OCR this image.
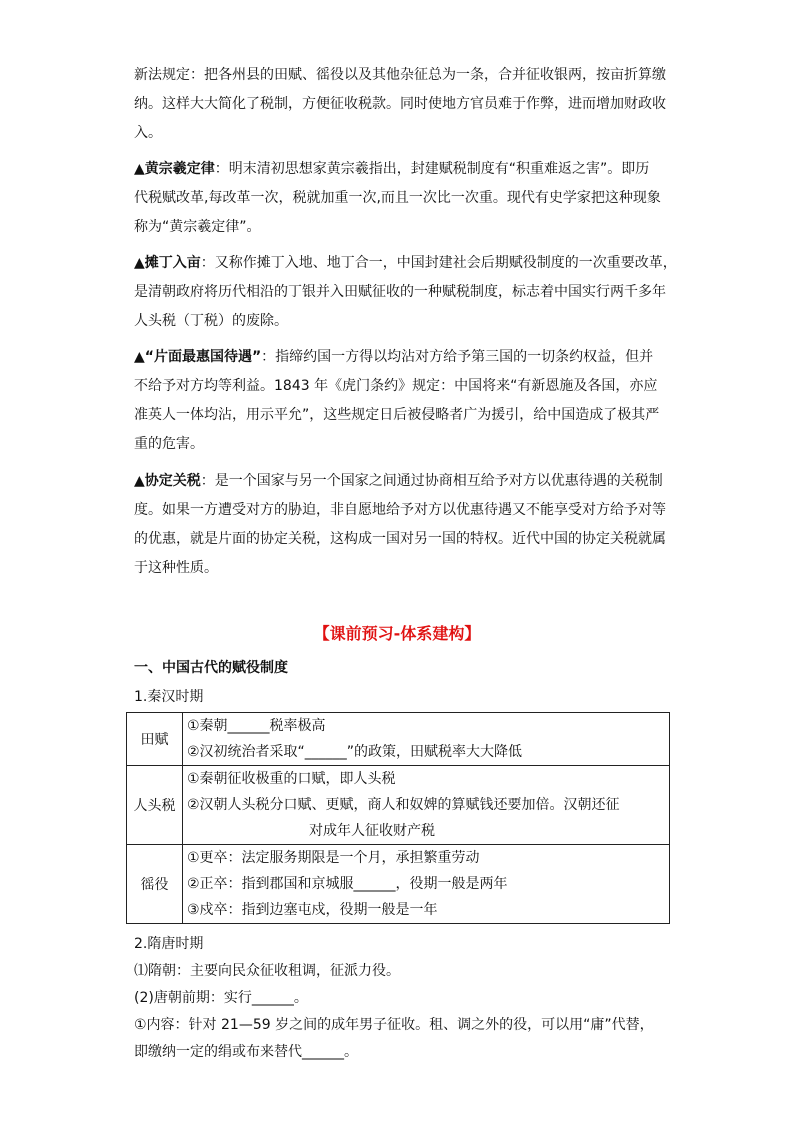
新法规定：把各州县的田赋、徭役以及其他杂征总为一条，合并征收银两，按亩折算缴
纳。这样大大简化了税制，方便征收税款。同时使地方官员难于作弊，进而增加财政收
入。

▲黄宗羲定律：明末清初思想家黄宗羲指出，封建赋税制度有“积重难返之害”。即历
代税赋改革,每改革一次，税就加重一次,而且一次比一次重。现代有史学家把这种现象
称为“黄宗羲定律”。

▲摊丁入亩：又称作摊丁入地、地丁合一，中国封建社会后期赋役制度的一次重要改革，
是清朝政府将历代相沿的丁银并入田赋征收的一种赋税制度，标志着中国实行两千多年
人头税（丁税）的废除。

▲“片面最惠国待遇”：指缔约国一方得以均沾对方给予第三国的一切条约权益，但并
不给予对方均等利益。1843 年《虎门条约》规定：中国将来“有新恩施及各国，亦应
准英人一体均沾，用示平允”，这些规定日后被侵略者广为援引，给中国造成了极其严
重的危害。

▲协定关税：是一个国家与另一个国家之间通过协商相互给予对方以优惠待遇的关税制
度。如果一方遭受对方的胁迫，非自愿地给予对方以优惠待遇又不能享受对方给予对等
的优惠，就是片面的协定关税，这构成一国对另一国的特权。近代中国的协定关税就属
于这种性质。

【课前预习-体系建构】

一、中国古代的赋役制度

1.秦汉时期

田赋	①秦朝______税率极高
②汉初统治者采取“______”的政策，田赋税率大大降低

人头税	①秦朝征收极重的口赋，即人头税
②汉朝人头税分口赋、更赋，商人和奴婢的算赋钱还要加倍。汉朝还征
对成年人征收财产税

徭役	①更卒：法定服务期限是一个月，承担繁重劳动
②正卒：指到郡国和京城服______，役期一般是两年
③戍卒：指到边塞屯戍，役期一般是一年

2.隋唐时期

⑴隋朝：主要向民众征收租调，征派力役。

(2)唐朝前期：实行______。

①内容：针对 21—59 岁之间的成年男子征收。租、调之外的役，可以用“庸”代替，

即缴纳一定的绢或布来替代______。
